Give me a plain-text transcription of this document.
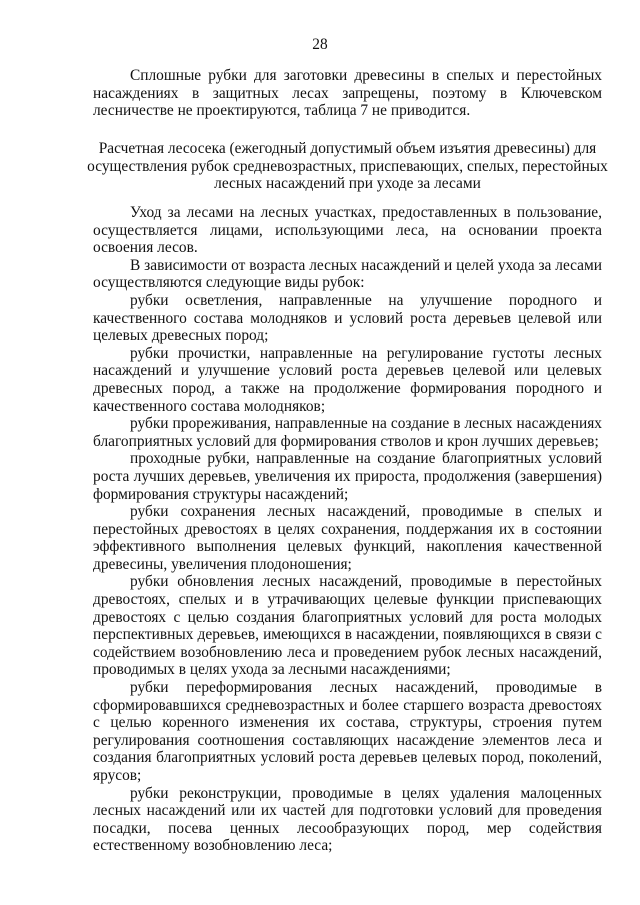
28

Сплошные рубки для заготовки древесины в спелых и перестойных насаждениях в защитных лесах запрещены, поэтому в Ключевском лесничестве не проектируются, таблица 7 не приводится.

Расчетная лесосека (ежегодный допустимый объем изъятия древесины) для осуществления рубок средневозрастных, приспевающих, спелых, перестойных лесных насаждений при уходе за лесами

Уход за лесами на лесных участках, предоставленных в пользование, осуществляется лицами, использующими леса, на основании проекта освоения лесов.

В зависимости от возраста лесных насаждений и целей ухода за лесами осуществляются следующие виды рубок:

рубки осветления, направленные на улучшение породного и качественного состава молодняков и условий роста деревьев целевой или целевых древесных пород;

рубки прочистки, направленные на регулирование густоты лесных насаждений и улучшение условий роста деревьев целевой или целевых древесных пород, а также на продолжение формирования породного и качественного состава молодняков;

рубки прореживания, направленные на создание в лесных насаждениях благоприятных условий для формирования стволов и крон лучших деревьев;

проходные рубки, направленные на создание благоприятных условий роста лучших деревьев, увеличения их прироста, продолжения (завершения) формирования структуры насаждений;

рубки сохранения лесных насаждений, проводимые в спелых и перестойных древостоях в целях сохранения, поддержания их в состоянии эффективного выполнения целевых функций, накопления качественной древесины, увеличения плодоношения;

рубки обновления лесных насаждений, проводимые в перестойных древостоях, спелых и в утрачивающих целевые функции приспевающих древостоях с целью создания благоприятных условий для роста молодых перспективных деревьев, имеющихся в насаждении, появляющихся в связи с содействием возобновлению леса и проведением рубок лесных насаждений, проводимых в целях ухода за лесными насаждениями;

рубки переформирования лесных насаждений, проводимые в сформировавшихся средневозрастных и более старшего возраста древостоях с целью коренного изменения их состава, структуры, строения путем регулирования соотношения составляющих насаждение элементов леса и создания благоприятных условий роста деревьев целевых пород, поколений, ярусов;

рубки реконструкции, проводимые в целях удаления малоценных лесных насаждений или их частей для подготовки условий для проведения посадки, посева ценных лесообразующих пород, мер содействия естественному возобновлению леса;
